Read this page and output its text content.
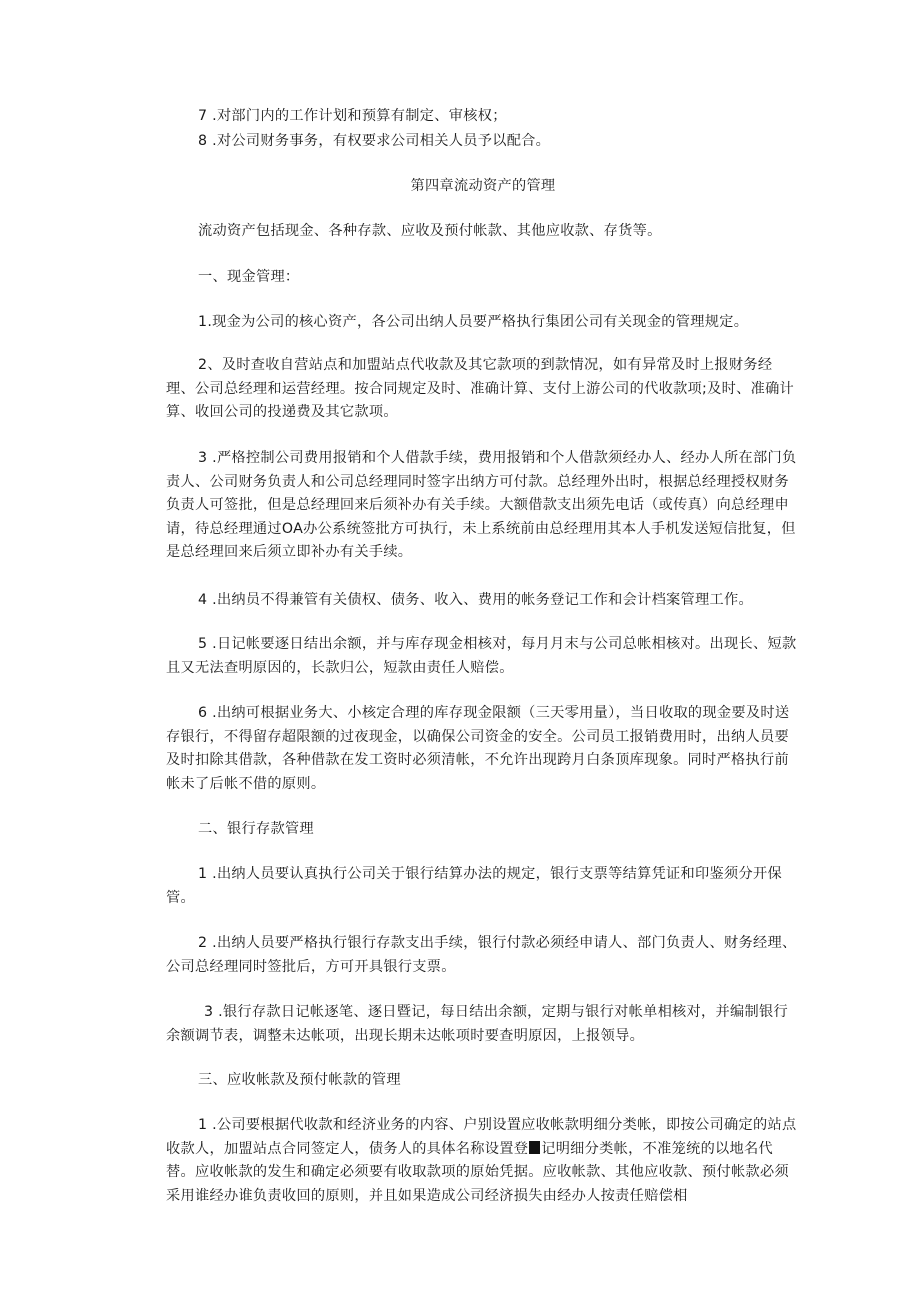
7 .对部门内的工作计划和预算有制定、审核权；

8 .对公司财务事务，有权要求公司相关人员予以配合。

第四章流动资产的管理

流动资产包括现金、各种存款、应收及预付帐款、其他应收款、存货等。

一、现金管理：

1.现金为公司的核心资产，各公司出纳人员要严格执行集团公司有关现金的管理规定。

2、及时查收自营站点和加盟站点代收款及其它款项的到款情况，如有异常及时上报财务经理、公司总经理和运营经理。按合同规定及时、准确计算、支付上游公司的代收款项;及时、准确计算、收回公司的投递费及其它款项。

3 .严格控制公司费用报销和个人借款手续，费用报销和个人借款须经办人、经办人所在部门负责人、公司财务负责人和公司总经理同时签字出纳方可付款。总经理外出时，根据总经理授权财务负责人可签批，但是总经理回来后须补办有关手续。大额借款支出须先电话（或传真）向总经理申请，待总经理通过OA办公系统签批方可执行，未上系统前由总经理用其本人手机发送短信批复，但是总经理回来后须立即补办有关手续。

4 .出纳员不得兼管有关债权、债务、收入、费用的帐务登记工作和会计档案管理工作。

5 .日记帐要逐日结出余额，并与库存现金相核对，每月月末与公司总帐相核对。出现长、短款且又无法查明原因的，长款归公，短款由责任人赔偿。

6 .出纳可根据业务大、小核定合理的库存现金限额（三天零用量），当日收取的现金要及时送存银行，不得留存超限额的过夜现金，以确保公司资金的安全。公司员工报销费用时，出纳人员要及时扣除其借款，各种借款在发工资时必须清帐，不允许出现跨月白条顶库现象。同时严格执行前帐未了后帐不借的原则。

二、银行存款管理

1 .出纳人员要认真执行公司关于银行结算办法的规定，银行支票等结算凭证和印鉴须分开保管。

2 .出纳人员要严格执行银行存款支出手续，银行付款必须经申请人、部门负责人、财务经理、公司总经理同时签批后，方可开具银行支票。

3 .银行存款日记帐逐笔、逐日暨记，每日结出余额，定期与银行对帐单相核对，并编制银行余额调节表，调整未达帐项，出现长期未达帐项时要查明原因，上报领导。

三、应收帐款及预付帐款的管理

1 .公司要根据代收款和经济业务的内容、户别设置应收帐款明细分类帐，即按公司确定的站点收款人，加盟站点合同签定人，债务人的具体名称设置登 记明细分类帐，不准笼统的以地名代替。应收帐款的发生和确定必须要有收取款项的原始凭据。应收帐款、其他应收款、预付帐款必须采用谁经办谁负责收回的原则，并且如果造成公司经济损失由经办人按责任赔偿相
